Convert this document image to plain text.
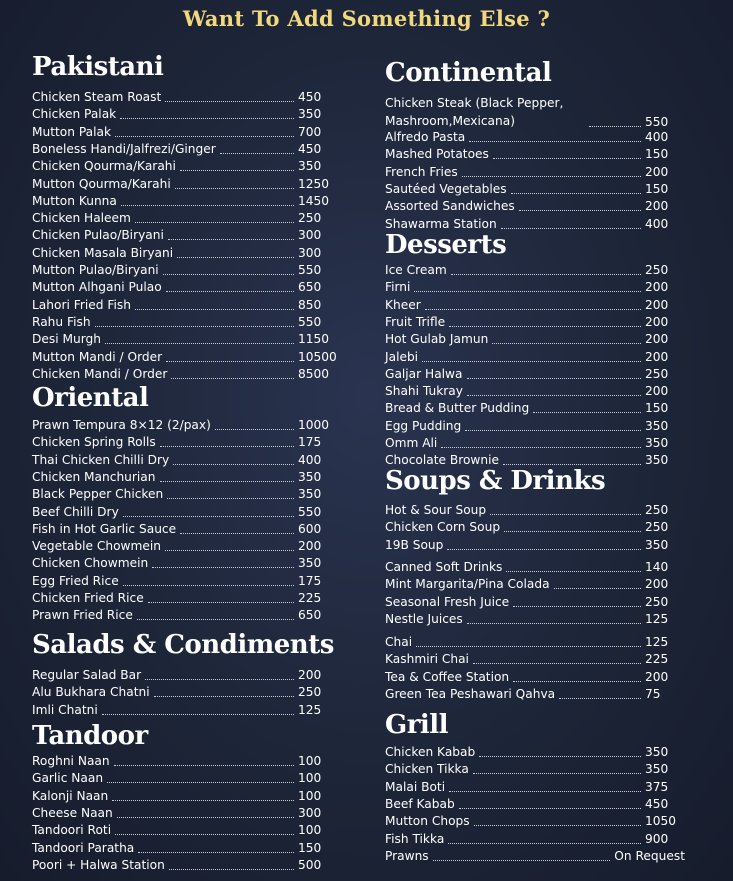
Want To Add Something Else ?
Pakistani
Chicken Steam Roast	450
Chicken Palak	350
Mutton Palak	700
Boneless Handi/Jalfrezi/Ginger	450
Chicken Qourma/Karahi	350
Mutton Qourma/Karahi	1250
Mutton Kunna	1450
Chicken Haleem	250
Chicken Pulao/Biryani	300
Chicken Masala Biryani	300
Mutton Pulao/Biryani	550
Mutton Alhgani Pulao	650
Lahori Fried Fish	850
Rahu Fish	550
Desi Murgh	1150
Mutton Mandi / Order	10500
Chicken Mandi / Order	8500
Oriental
Prawn Tempura 8×12 (2/pax)	1000
Chicken Spring Rolls	175
Thai Chicken Chilli Dry	400
Chicken Manchurian	350
Black Pepper Chicken	350
Beef Chilli Dry	550
Fish in Hot Garlic Sauce	600
Vegetable Chowmein	200
Chicken Chowmein	350
Egg Fried Rice	175
Chicken Fried Rice	225
Prawn Fried Rice	650
Salads & Condiments
Regular Salad Bar	200
Alu Bukhara Chatni	250
Imli Chatni	125
Tandoor
Roghni Naan	100
Garlic Naan	100
Kalonji Naan	100
Cheese Naan	300
Tandoori Roti	100
Tandoori Paratha	150
Poori + Halwa Station	500
Continental
Chicken Steak (Black Pepper, Mashroom,Mexicana)	550
Alfredo Pasta	400
Mashed Potatoes	150
French Fries	200
Sautéed Vegetables	150
Assorted Sandwiches	200
Shawarma Station	400
Desserts
Ice Cream	250
Firni	200
Kheer	200
Fruit Trifle	200
Hot Gulab Jamun	200
Jalebi	200
Galjar Halwa	250
Shahi Tukray	200
Bread & Butter Pudding	150
Egg Pudding	350
Omm Ali	350
Chocolate Brownie	350
Soups & Drinks
Hot & Sour Soup	250
Chicken Corn Soup	250
19B Soup	350
Canned Soft Drinks	140
Mint Margarita/Pina Colada	200
Seasonal Fresh Juice	250
Nestle Juices	125
Chai	125
Kashmiri Chai	225
Tea & Coffee Station	200
Green Tea Peshawari Qahva	75
Grill
Chicken Kabab	350
Chicken Tikka	350
Malai Boti	375
Beef Kabab	450
Mutton Chops	1050
Fish Tikka	900
Prawns	On Request
